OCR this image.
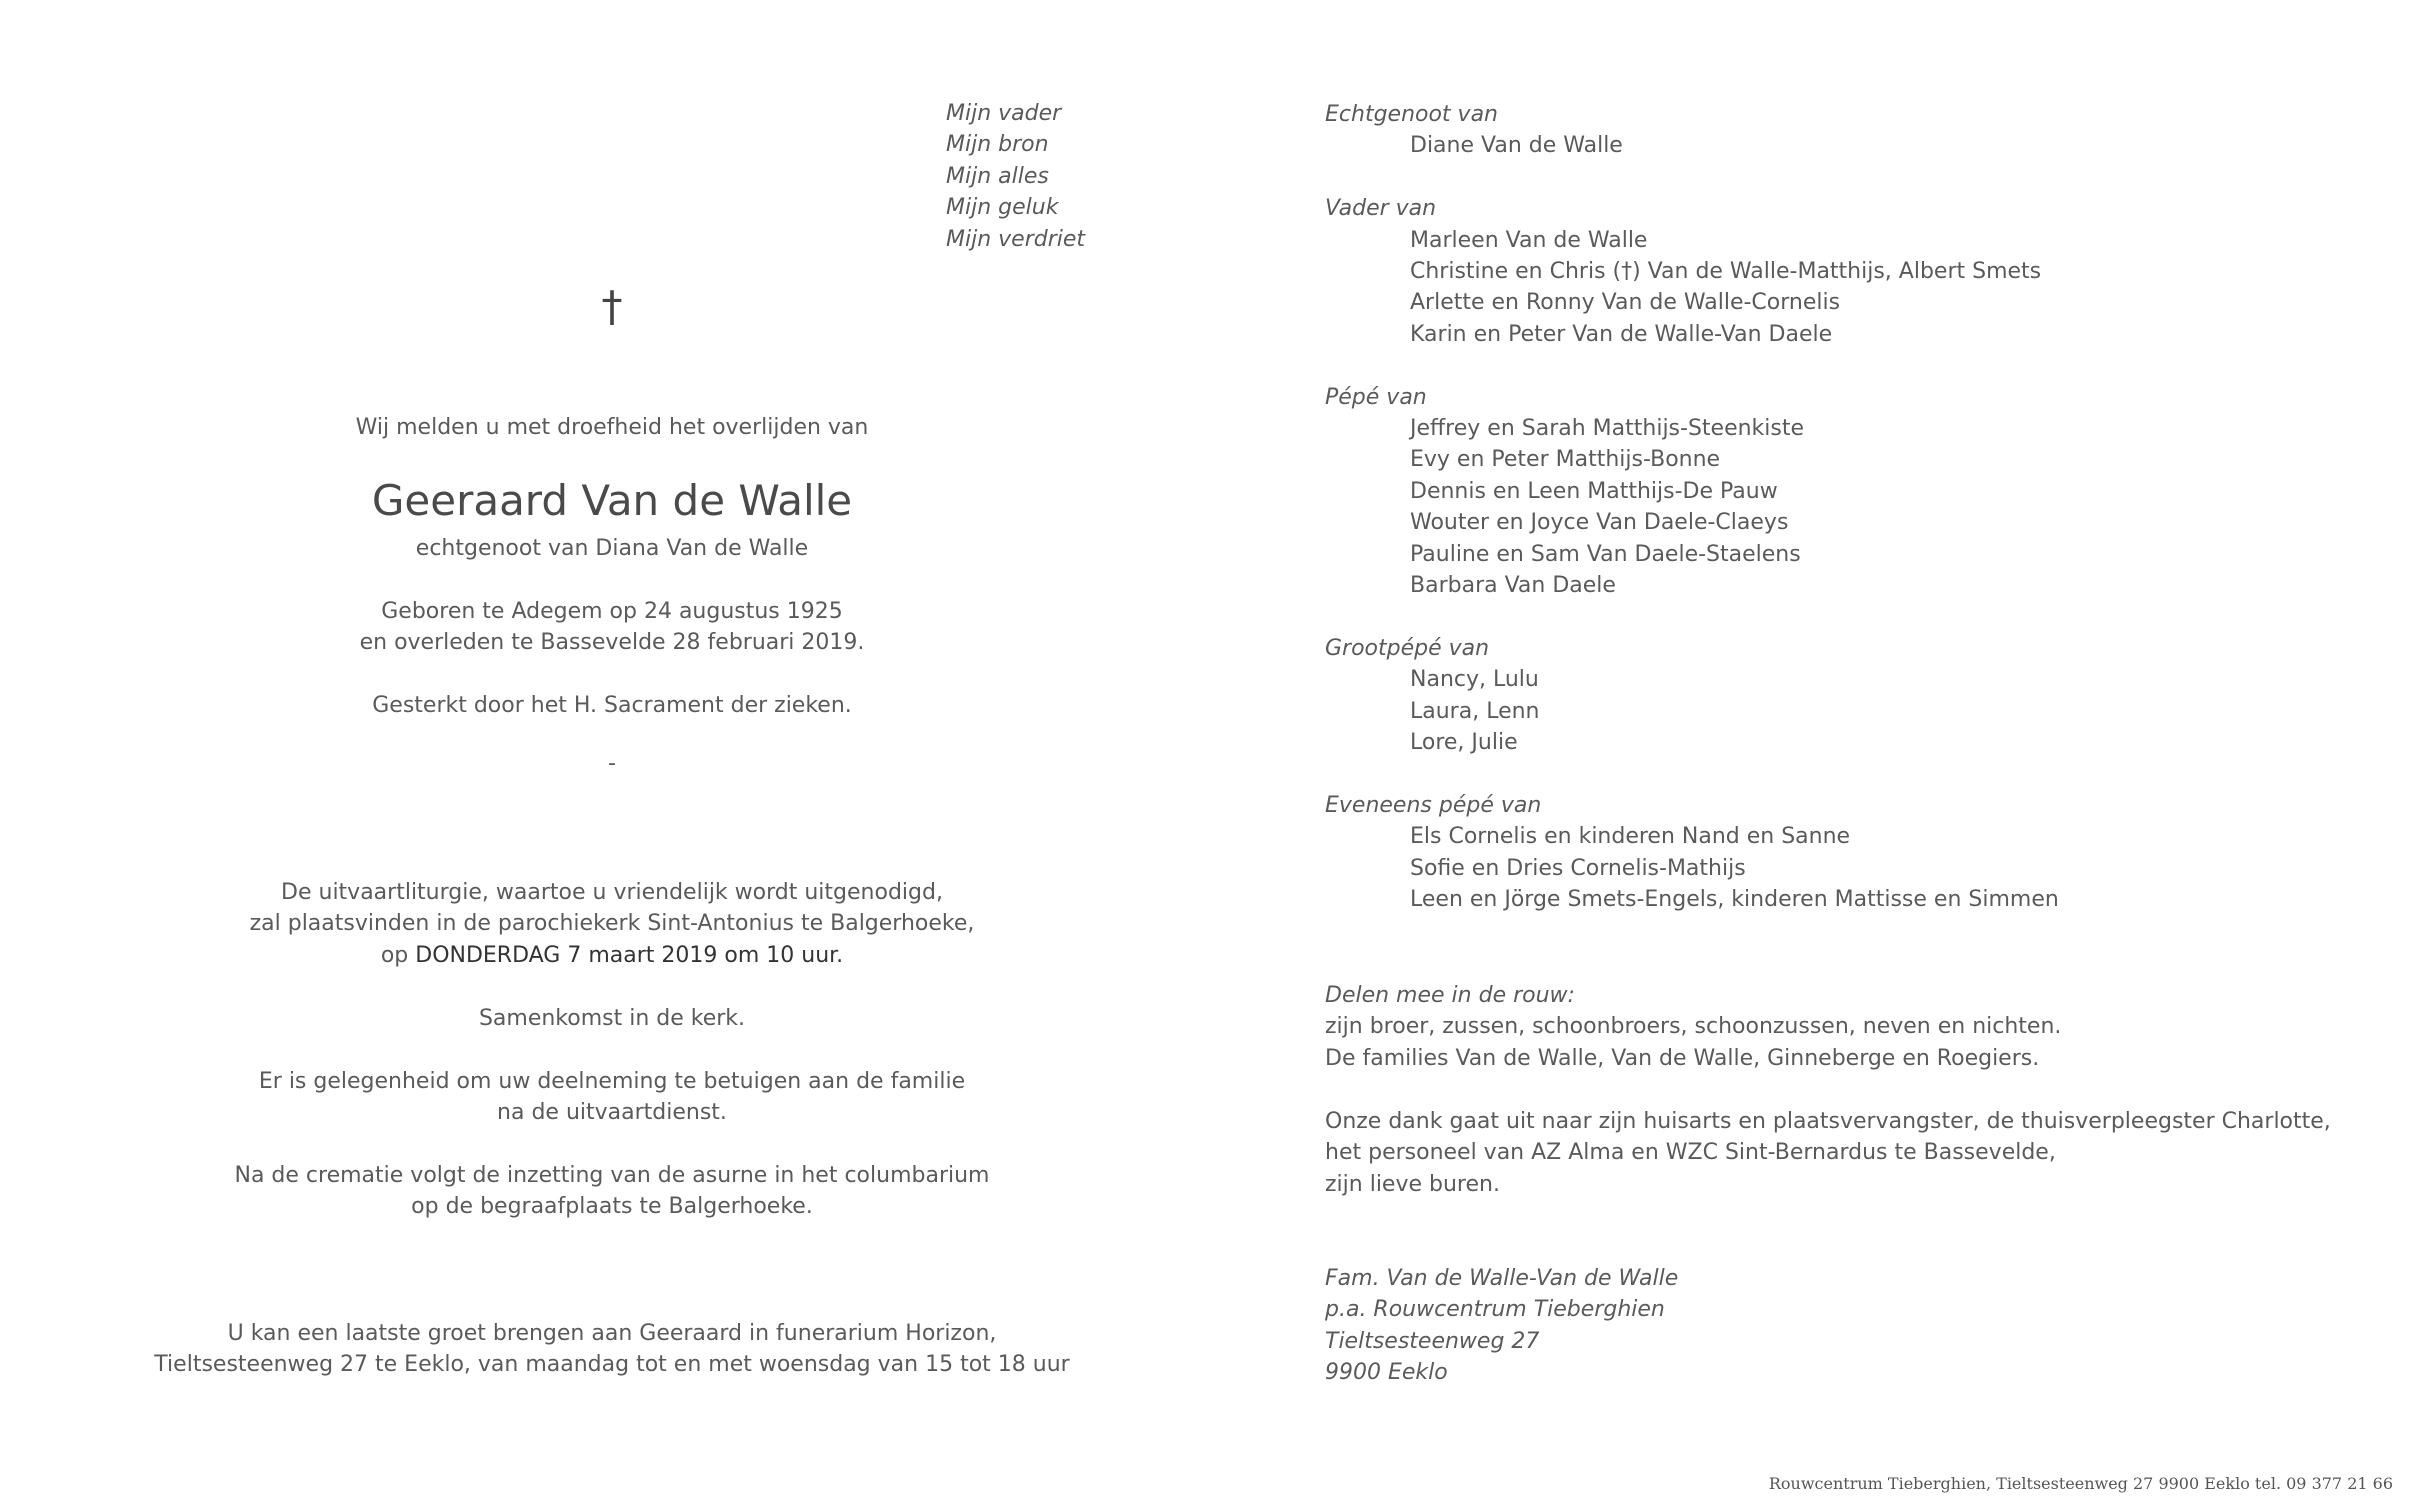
Mijn vader
Mijn bron
Mijn alles
Mijn geluk
Mijn verdriet
†
Wij melden u met droefheid het overlijden van
Geeraard Van de Walle
echtgenoot van Diana Van de Walle
Geboren te Adegem op 24 augustus 1925
en overleden te Bassevelde 28 februari 2019.
Gesterkt door het H. Sacrament der zieken.
-
De uitvaartliturgie, waartoe u vriendelijk wordt uitgenodigd,
zal plaatsvinden in de parochiekerk Sint-Antonius te Balgerhoeke,
op DONDERDAG 7 maart 2019 om 10 uur.
Samenkomst in de kerk.
Er is gelegenheid om uw deelneming te betuigen aan de familie
na de uitvaartdienst.
Na de crematie volgt de inzetting van de asurne in het columbarium
op de begraafplaats te Balgerhoeke.
U kan een laatste groet brengen aan Geeraard in funerarium Horizon,
Tieltsesteenweg 27 te Eeklo, van maandag tot en met woensdag van 15 tot 18 uur
Echtgenoot van
Diane Van de Walle
Vader van
Marleen Van de Walle
Christine en Chris (†) Van de Walle-Matthijs, Albert Smets
Arlette en Ronny Van de Walle-Cornelis
Karin en Peter Van de Walle-Van Daele
Pépé van
Jeffrey en Sarah Matthijs-Steenkiste
Evy en Peter Matthijs-Bonne
Dennis en Leen Matthijs-De Pauw
Wouter en Joyce Van Daele-Claeys
Pauline en Sam Van Daele-Staelens
Barbara Van Daele
Grootpépé van
Nancy, Lulu
Laura, Lenn
Lore, Julie
Eveneens pépé van
Els Cornelis en kinderen Nand en Sanne
Sofie en Dries Cornelis-Mathijs
Leen en Jörge Smets-Engels, kinderen Mattisse en Simmen
Delen mee in de rouw:
zijn broer, zussen, schoonbroers, schoonzussen, neven en nichten.
De families Van de Walle, Van de Walle, Ginneberge en Roegiers.
Onze dank gaat uit naar zijn huisarts en plaatsvervangster, de thuisverpleegster Charlotte,
het personeel van AZ Alma en WZC Sint-Bernardus te Bassevelde,
zijn lieve buren.
Fam. Van de Walle-Van de Walle
p.a. Rouwcentrum Tieberghien
Tieltsesteenweg 27
9900 Eeklo
Rouwcentrum Tieberghien, Tieltsesteenweg 27 9900 Eeklo tel. 09 377 21 66
